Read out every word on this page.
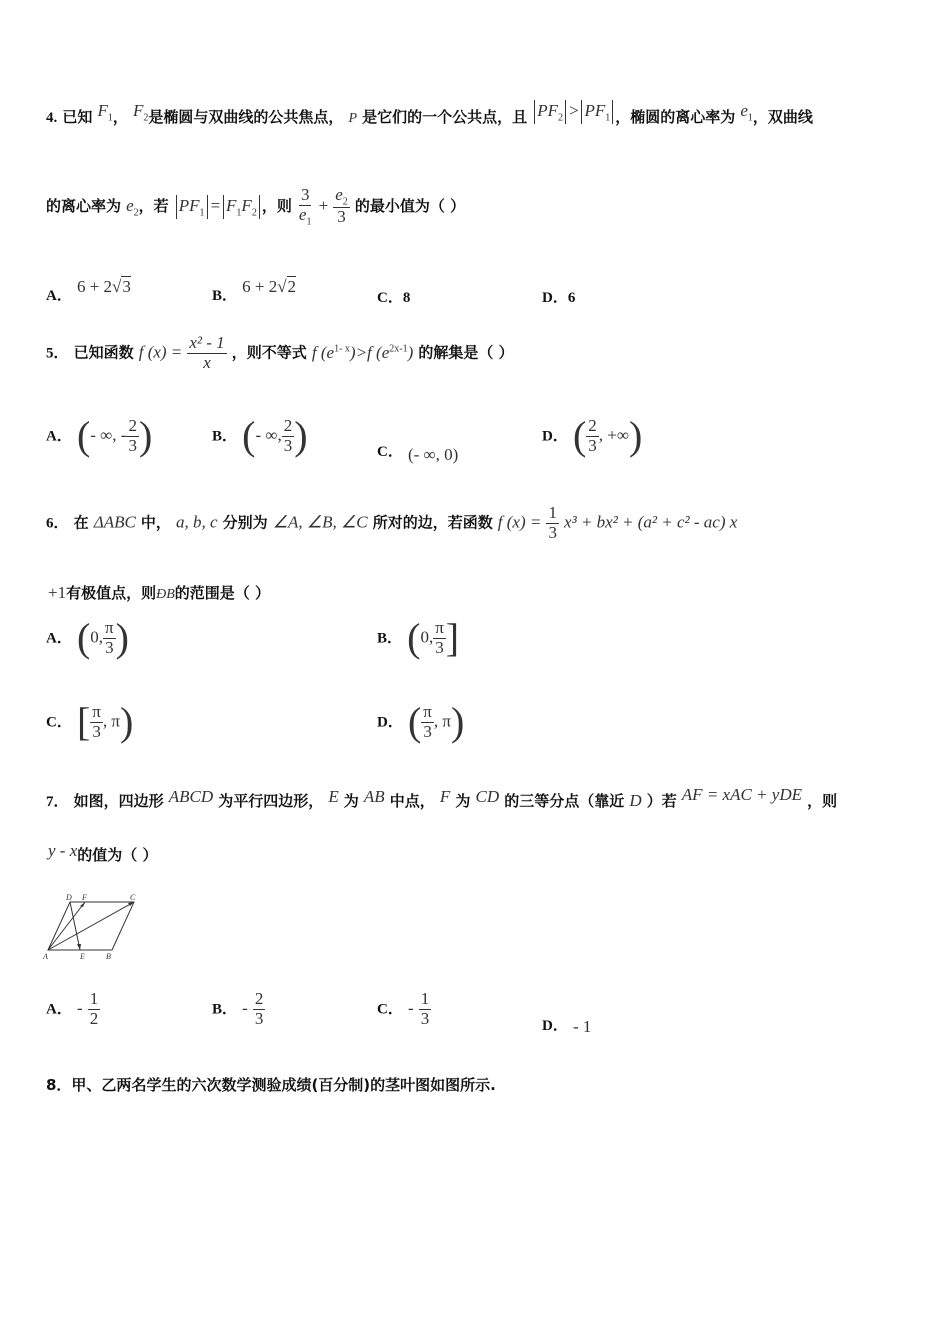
4. 已知 $F_1$， $F_2$是椭圆与双曲线的公共焦点， P 是它们的一个公共点，且 $PF_2 > PF_1$ ，椭圆的离心率为 $e_1$，双曲线
的离心率为 $e_2$，若 $PF_1 = F_1F_2$ ，则 $\frac{3}{e_1} + \frac{e_2}{3}$ 的最小值为（ ）
A． 6 + 2√3	B． 6 + 2√2
C．8	D．6
5． 已知函数 f $(x) = \frac{\text{x² - 1}}{x}$ ，则不等式 f $(e^{1- x})>f$ $(e^{2x-1})$ 的解集是（ ）
A． (- ∞, - $\frac{2}{3}$ )	B． (- ∞, $\frac{2}{3}$ )	C． (- ∞, 0)
D． ( $\frac{2}{3}$ , +∞)
6． 在 ΔABC 中， a, b, c 分别为 ∠A, ∠B, ∠C 所对的边，若函数 f $(x) = \frac{1}{3} x^3 + bx^2 + (a^2 + c^2 - ac)$ x
+1有极值点，则ÐB的范围是（ ）
A． (0, $\frac{\pi}{3}$ )	B． (0, $\frac{\pi}{3}$ ]
C． [ $\frac{\pi}{3}$ , π)	D． ( $\frac{\pi}{3}$ , π)
7． 如图，四边形 ABCD 为平行四边形， E 为 AB 中点， F 为 CD 的三等分点（靠近 D ）若 AF = xAC + yDE ，则
y - x的值为（ ）
D F	C
A	E	B
A． - $\frac{1}{2}$	B． - $\frac{2}{3}$	C． - $\frac{1}{3}$	D． - 1
8．甲、乙两名学生的六次数学测验成绩(百分制)的茎叶图如图所示.
